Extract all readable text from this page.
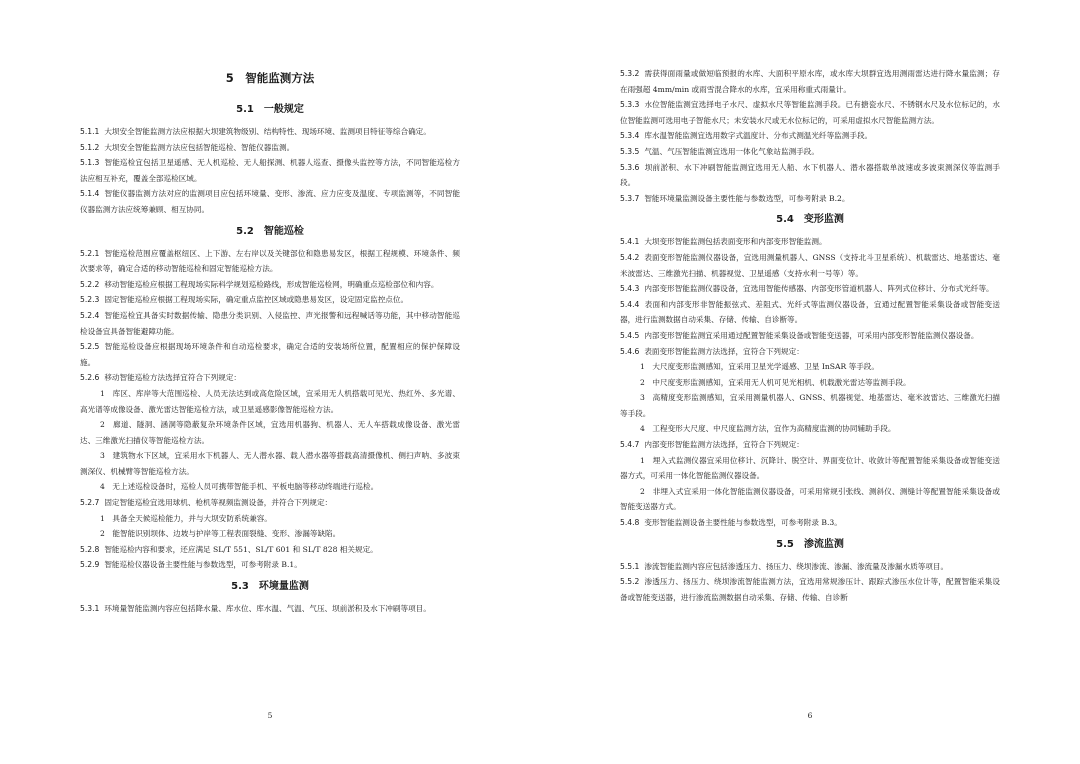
5　智能监测方法
5.1　一般规定

5.1.1 大坝安全智能监测方法应根据大坝建筑物级别、结构特性、现场环境、监测项目特征等综合确定。

5.1.2 大坝安全智能监测方法应包括智能巡检、智能仪器监测。

5.1.3 智能巡检宜包括卫星遥感、无人机巡检、无人船探测、机器人巡查、摄像头监控等方法，不同智能巡检方法应相互补充，覆盖全部巡检区域。

5.1.4 智能仪器监测方法对应的监测项目应包括环境量、变形、渗流、应力应变及温度、专项监测等，不同智能仪器监测方法应统筹兼顾、相互协同。

5.2　智能巡检

5.2.1 智能巡检范围应覆盖枢纽区、上下游、左右岸以及关键部位和隐患易发区，根据工程规模、环境条件、频次要求等，确定合适的移动智能巡检和固定智能巡检方法。

5.2.2 移动智能巡检应根据工程现场实际科学规划巡检路线，形成智能巡检网，明确重点巡检部位和内容。

5.2.3 固定智能巡检应根据工程现场实际，确定重点监控区域或隐患易发区，设定固定监控点位。

5.2.4 智能巡检宜具备实时数据传输、隐患分类识别、入侵监控、声光报警和远程喊话等功能，其中移动智能巡检设备宜具备智能避障功能。

5.2.5 智能巡检设备应根据现场环境条件和自动巡检要求，确定合适的安装场所位置，配置相应的保护保障设施。

5.2.6 移动智能巡检方法选择宜符合下列规定：

1　库区、库岸等大范围巡检、人员无法达到或高危险区域，宜采用无人机搭载可见光、热红外、多光谱、高光谱等成像设备、激光雷达智能巡检方法，或卫星遥感影像智能巡检方法。

2　廊道、隧洞、涵洞等隐蔽复杂环境条件区域，宜选用机器狗、机器人、无人车搭载成像设备、激光雷达、三维激光扫描仪等智能巡检方法。

3　建筑物水下区域，宜采用水下机器人、无人潜水器、载人潜水器等搭载高清摄像机、侧扫声呐、多波束测深仪、机械臂等智能巡检方法。

4　无上述巡检设备时，巡检人员可携带智能手机、平板电脑等移动终端进行巡检。

5.2.7 固定智能巡检宜选用球机、枪机等视频监测设备，并符合下列规定：

1　具备全天候巡检能力，并与大坝安防系统兼容。

2　能智能识别坝体、边坡与护岸等工程表面裂缝、变形、渗漏等缺陷。

5.2.8 智能巡检内容和要求，还应满足 SL/T 551、SL/T 601 和 SL/T 828 相关规定。

5.2.9 智能巡检仪器设备主要性能与参数选型，可参考附录 B.1。

5.3　环境量监测

5.3.1 环境量智能监测内容应包括降水量、库水位、库水温、气温、气压、坝前淤积及水下冲刷等项目。

5

5.3.2 需获得面雨量或做短临预报的水库、大面积平原水库，或水库大坝群宜选用测雨雷达进行降水量监测；存在雨强超 4mm/min 或雨雪混合降水的水库，宜采用称重式雨量计。

5.3.3 水位智能监测宜选择电子水尺、虚拟水尺等智能监测手段。已有搪瓷水尺、不锈钢水尺及水位标记的，水位智能监测可选用电子智能水尺；未安装水尺或无水位标记的，可采用虚拟水尺智能监测方法。

5.3.4 库水温智能监测宜选用数字式温度计、分布式测温光纤等监测手段。

5.3.5 气温、气压智能监测宜选用一体化气象站监测手段。

5.3.6 坝前淤积、水下冲刷智能监测宜选用无人船、水下机器人、潜水器搭载单波速或多波束测深仪等监测手段。

5.3.7 智能环境量监测设备主要性能与参数选型，可参考附录 B.2。

5.4　变形监测

5.4.1 大坝变形智能监测包括表面变形和内部变形智能监测。

5.4.2 表面变形智能监测仪器设备，宜选用测量机器人、GNSS（支持北斗卫星系统）、机载雷达、地基雷达、毫米波雷达、三维激光扫描、机器视觉、卫星遥感（支持水利一号等）等。

5.4.3 内部变形智能监测仪器设备，宜选用智能传感器、内部变形管道机器人、阵列式位移计、分布式光纤等。

5.4.4 表面和内部变形非智能振弦式、差阻式、光纤式等监测仪器设备，宜通过配置智能采集设备或智能变送器，进行监测数据自动采集、存储、传输、自诊断等。

5.4.5 内部变形智能监测宜采用通过配置智能采集设备或智能变送器，可采用内部变形智能监测仪器设备。

5.4.6 表面变形智能监测方法选择，宜符合下列规定：

1　大尺度变形监测感知，宜采用卫星光学遥感、卫星 InSAR 等手段。

2　中尺度变形监测感知，宜采用无人机可见光相机、机载激光雷达等监测手段。

3　高精度变形监测感知，宜采用测量机器人、GNSS、机器视觉、地基雷达、毫米波雷达、三维激光扫描等手段。

4　工程变形大尺度、中尺度监测方法，宜作为高精度监测的协同辅助手段。

5.4.7 内部变形智能监测方法选择，宜符合下列规定：

1　埋入式监测仪器宜采用位移计、沉降计、脱空计、界面变位计、收敛计等配置智能采集设备或智能变送器方式，可采用一体化智能监测仪器设备。

2　非埋入式宜采用一体化智能监测仪器设备，可采用常规引张线、测斜仪、测缝计等配置智能采集设备或智能变送器方式。

5.4.8 变形智能监测设备主要性能与参数选型，可参考附录 B.3。

5.5　渗流监测

5.5.1 渗流智能监测内容应包括渗透压力、扬压力、绕坝渗流、渗漏、渗流量及渗漏水质等项目。

5.5.2 渗透压力、扬压力、绕坝渗流智能监测方法，宜选用常规渗压计、跟踪式渗压水位计等，配置智能采集设备或智能变送器，进行渗流监测数据自动采集、存储、传输、自诊断

6
